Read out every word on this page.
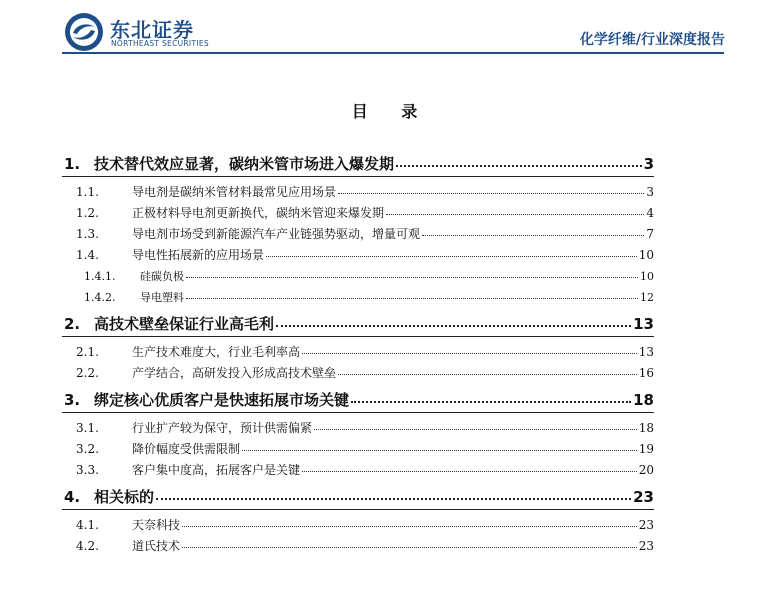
东北证券
NORTHEAST SECURITIES	化学纤维/行业深度报告
目 录
1. 技术替代效应显著，碳纳米管市场进入爆发期	3
1.1.	导电剂是碳纳米管材料最常见应用场景	3
1.2.	正极材料导电剂更新换代，碳纳米管迎来爆发期	4
1.3.	导电剂市场受到新能源汽车产业链强势驱动，增量可观	7
1.4.	导电性拓展新的应用场景	10
1.4.1.	硅碳负极	10
1.4.2.	导电塑料	12
2. 高技术壁垒保证行业高毛利	13
2.1.	生产技术难度大，行业毛利率高	13
2.2.	产学结合，高研发投入形成高技术壁垒	16
3. 绑定核心优质客户是快速拓展市场关键	18
3.1.	行业扩产较为保守，预计供需偏紧	18
3.2.	降价幅度受供需限制	19
3.3.	客户集中度高，拓展客户是关键	20
4. 相关标的	23
4.1.	天奈科技	23
4.2.	道氏技术	23
